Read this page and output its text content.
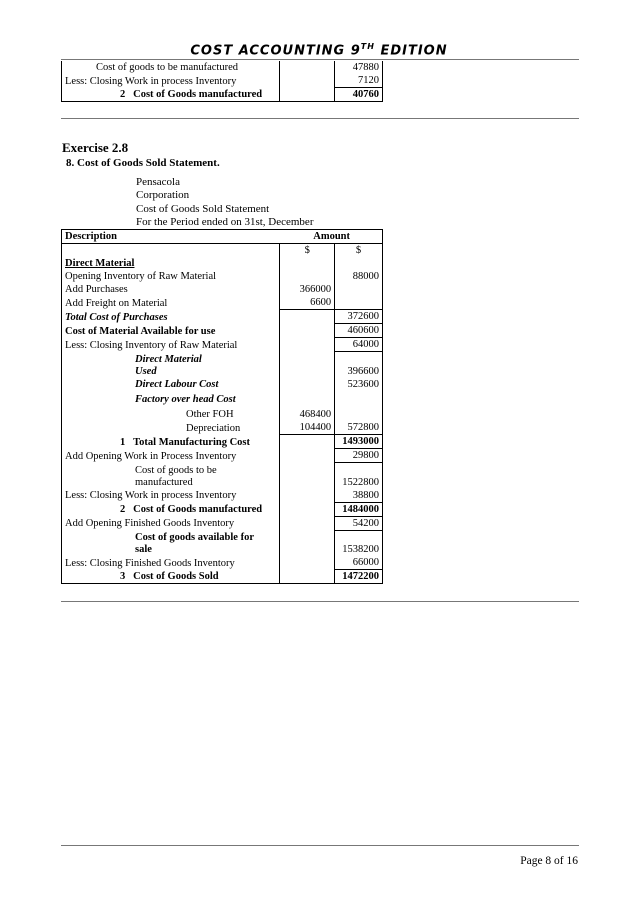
COST ACCOUNTING 9TH EDITION
Cost of goods to be manufactured		47880
Less: Closing Work in process Inventory		7120
2 Cost of Goods manufactured		40760
Exercise 2.8
8. Cost of Goods Sold Statement.
Pensacola
Corporation
Cost of Goods Sold Statement
For the Period ended on 31st, December
Description	Amount	
	$	$
Direct Material		
Opening Inventory of Raw Material		88000
Add Purchases	366000	
Add Freight on Material	6600	
Total Cost of Purchases		372600
Cost of Material Available for use		460600
Less: Closing Inventory of Raw Material		64000

Direct Material
Used		396600
Direct Labour Cost		523600
Factory over head Cost		
Other FOH	468400	
Depreciation	104400	572800
1 Total Manufacturing Cost		1493000
Add Opening Work in Process Inventory		29800

Cost of goods to be
manufactured		1522800
Less: Closing Work in process Inventory		38800
2 Cost of Goods manufactured		1484000
Add Opening Finished Goods Inventory		54200

Cost of goods available for
sale		1538200
Less: Closing Finished Goods Inventory		66000
3 Cost of Goods Sold		1472200
Page 8 of 16
